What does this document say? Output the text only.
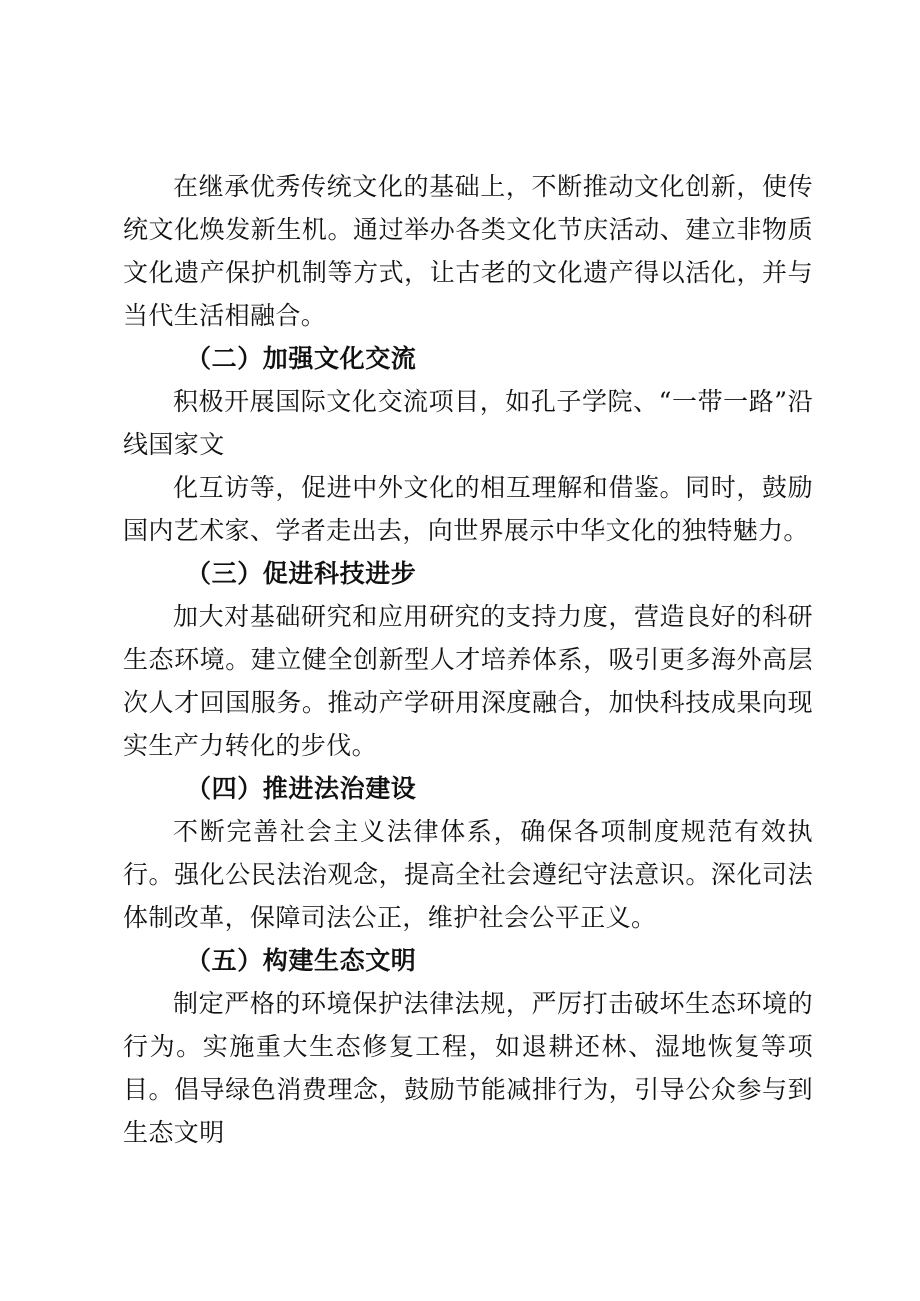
在继承优秀传统文化的基础上，不断推动文化创新，使传统文化焕发新生机。通过举办各类文化节庆活动、建立非物质文化遗产保护机制等方式，让古老的文化遗产得以活化，并与当代生活相融合。

（二）加强文化交流

积极开展国际文化交流项目，如孔子学院、“一带一路”沿线国家文

化互访等，促进中外文化的相互理解和借鉴。同时，鼓励国内艺术家、学者走出去，向世界展示中华文化的独特魅力。

（三）促进科技进步

加大对基础研究和应用研究的支持力度，营造良好的科研生态环境。建立健全创新型人才培养体系，吸引更多海外高层次人才回国服务。推动产学研用深度融合，加快科技成果向现实生产力转化的步伐。

（四）推进法治建设

不断完善社会主义法律体系，确保各项制度规范有效执行。强化公民法治观念，提高全社会遵纪守法意识。深化司法体制改革，保障司法公正，维护社会公平正义。

（五）构建生态文明

制定严格的环境保护法律法规，严厉打击破坏生态环境的行为。实施重大生态修复工程，如退耕还林、湿地恢复等项目。倡导绿色消费理念，鼓励节能减排行为，引导公众参与到生态文明
